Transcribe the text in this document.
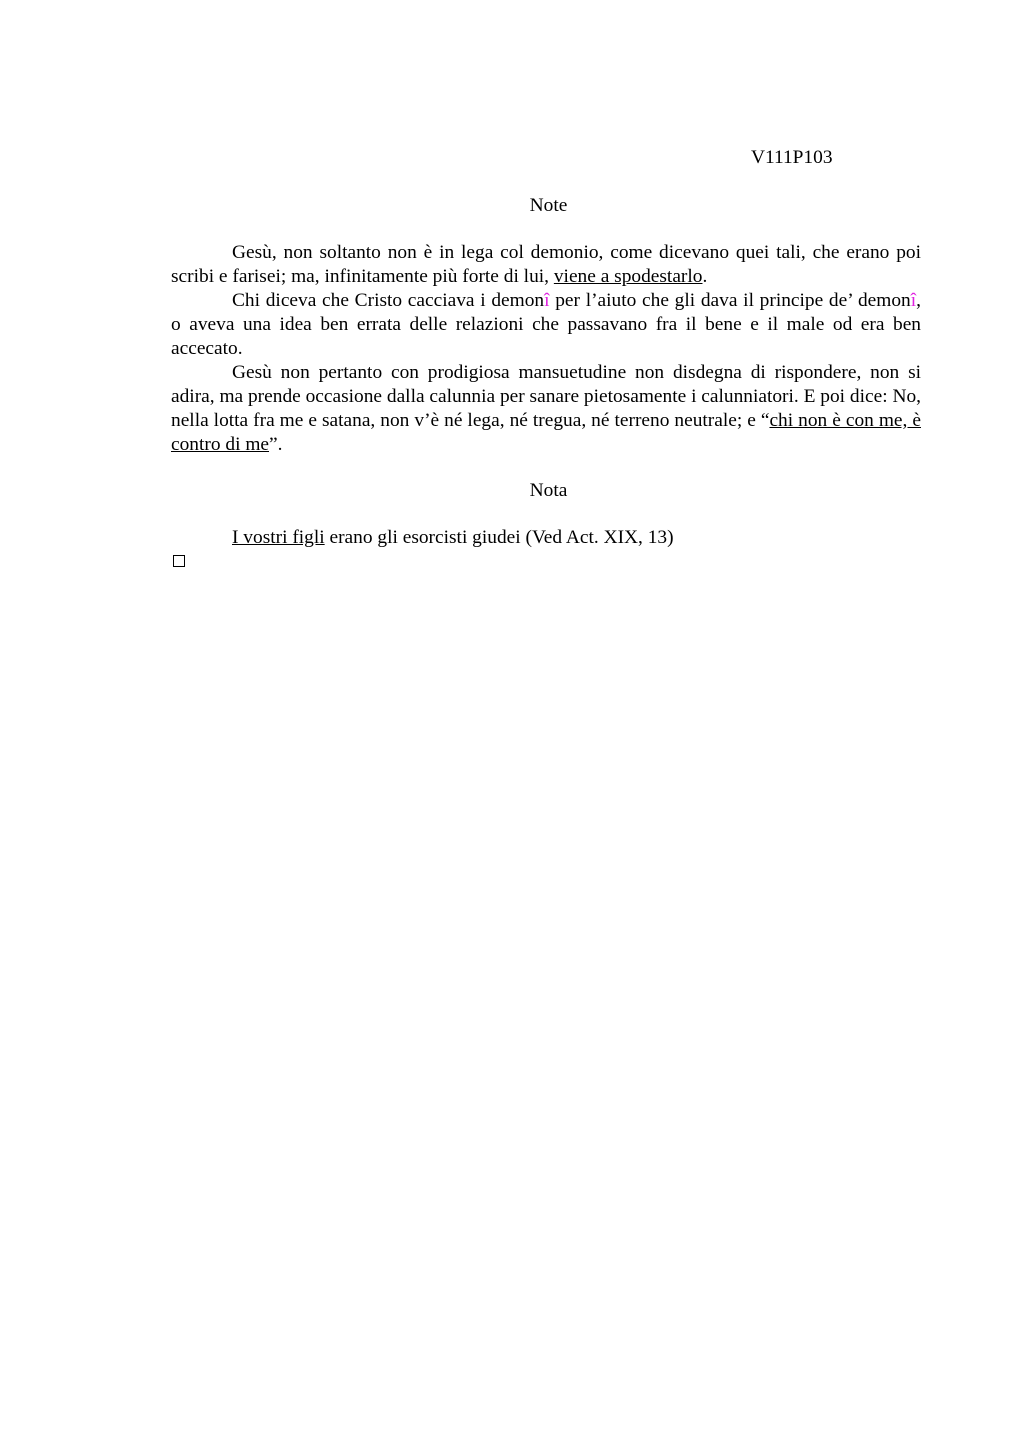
V111P103
Note

Gesù, non soltanto non è in lega col demonio, come dicevano quei tali, che erano poi scribi e farisei; ma, infinitamente più forte di lui, viene a spodestarlo.

Chi diceva che Cristo cacciava i demonî per l’aiuto che gli dava il principe de’ demonî, o aveva una idea ben errata delle relazioni che passavano fra il bene e il male od era ben accecato.

Gesù non pertanto con prodigiosa mansuetudine non disdegna di rispondere, non si adira, ma prende occasione dalla calunnia per sanare pietosamente i calunniatori. E poi dice: No, nella lotta fra me e satana, non v’è né lega, né tregua, né terreno neutrale; e “chi non è con me, è contro di me”.

Nota

I vostri figli erano gli esorcisti giudei (Ved Act. XIX, 13)
